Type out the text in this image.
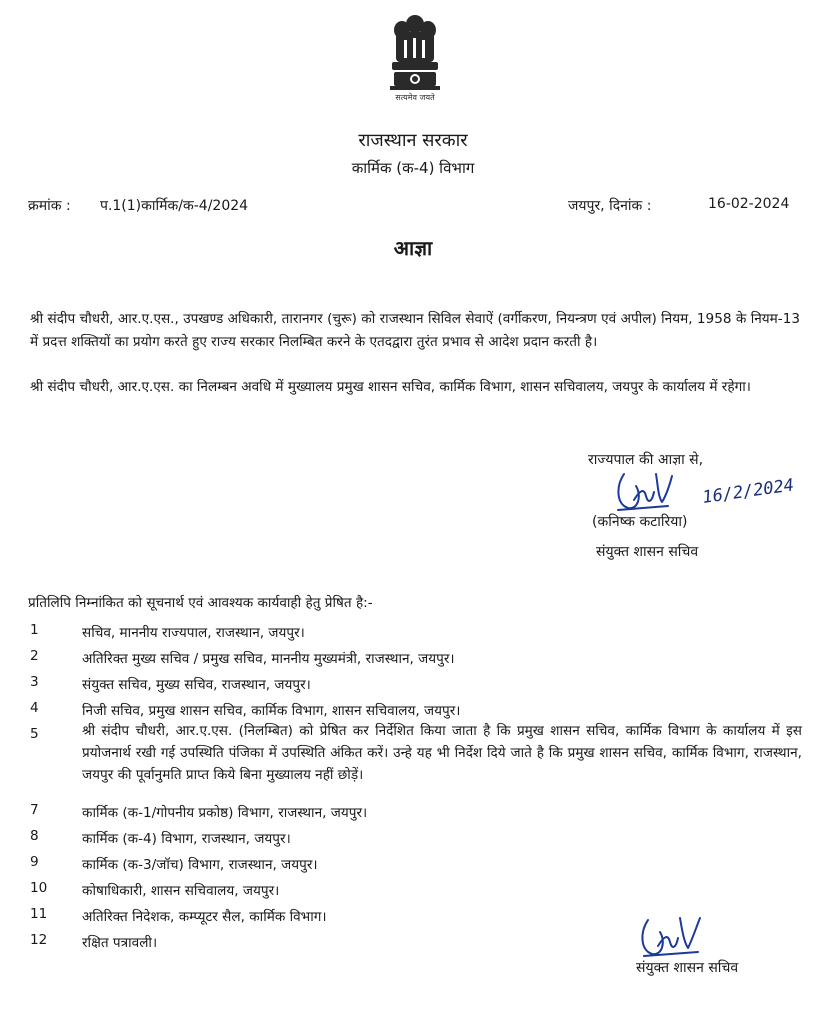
सत्यमेव जयते
राजस्थान सरकार
कार्मिक (क-4) विभाग
क्रमांक : प.1(1)कार्मिक/क-4/2024	जयपुर, दिनांक :	16-02-2024
आज्ञा
श्री संदीप चौधरी, आर.ए.एस., उपखण्ड अधिकारी, तारानगर (चुरू) को राजस्थान सिविल सेवाऐं (वर्गीकरण, नियन्त्रण एवं अपील) नियम, 1958 के नियम-13 में प्रदत्त शक्तियों का प्रयोग करते हुए राज्य सरकार निलम्बित करने के एतदद्वारा तुरंत प्रभाव से आदेश प्रदान करती है।
श्री संदीप चौधरी, आर.ए.एस. का निलम्बन अवधि में मुख्यालय प्रमुख शासन सचिव, कार्मिक विभाग, शासन सचिवालय, जयपुर के कार्यालय में रहेगा।
राज्यपाल की आज्ञा से,
16/2/2024
(कनिष्क कटारिया)
संयुक्त शासन सचिव
प्रतिलिपि निम्नांकित को सूचनार्थ एवं आवश्यक कार्यवाही हेतु प्रेषित है:-
1	सचिव, माननीय राज्यपाल, राजस्थान, जयपुर।
2	अतिरिक्त मुख्य सचिव / प्रमुख सचिव, माननीय मुख्यमंत्री, राजस्थान, जयपुर।
3	संयुक्त सचिव, मुख्य सचिव, राजस्थान, जयपुर।
4	निजी सचिव, प्रमुख शासन सचिव, कार्मिक विभाग, शासन सचिवालय, जयपुर।
5	श्री संदीप चौधरी, आर.ए.एस. (निलम्बित) को प्रेषित कर निर्देशित किया जाता है कि प्रमुख शासन सचिव, कार्मिक विभाग के कार्यालय में इस प्रयोजनार्थ रखी गई उपस्थिति पंजिका में उपस्थिति अंकित करें। उन्हे यह भी निर्देश दिये जाते है कि प्रमुख शासन सचिव, कार्मिक विभाग, राजस्थान, जयपुर की पूर्वानुमति प्राप्त किये बिना मुख्यालय नहीं छोड़ें।
7	कार्मिक (क-1/गोपनीय प्रकोष्ठ) विभाग, राजस्थान, जयपुर।
8	कार्मिक (क-4) विभाग, राजस्थान, जयपुर।
9	कार्मिक (क-3/जॉच) विभाग, राजस्थान, जयपुर।
10	कोषाधिकारी, शासन सचिवालय, जयपुर।
11	अतिरिक्त निदेशक, कम्प्यूटर सैल, कार्मिक विभाग।
12	रक्षित पत्रावली।
संयुक्त शासन सचिव
